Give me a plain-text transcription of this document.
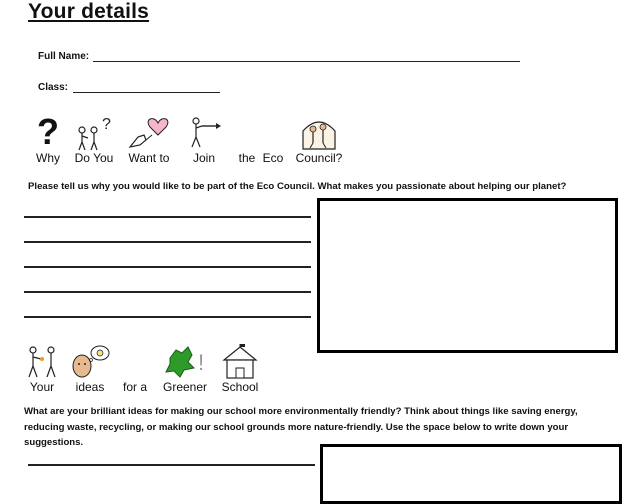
Your details
Full Name:
Class:
?
Why
?
Do You	Want to	Join	the Eco	Council?
Please tell us why you would like to be part of the Eco Council. What makes you passionate about helping our planet?
Your	ideas	for a
!
Greener	School
What are your brilliant ideas for making our school more environmentally friendly? Think about things like saving energy, reducing waste, recycling, or making our school grounds more nature-friendly. Use the space below to write down your suggestions.
